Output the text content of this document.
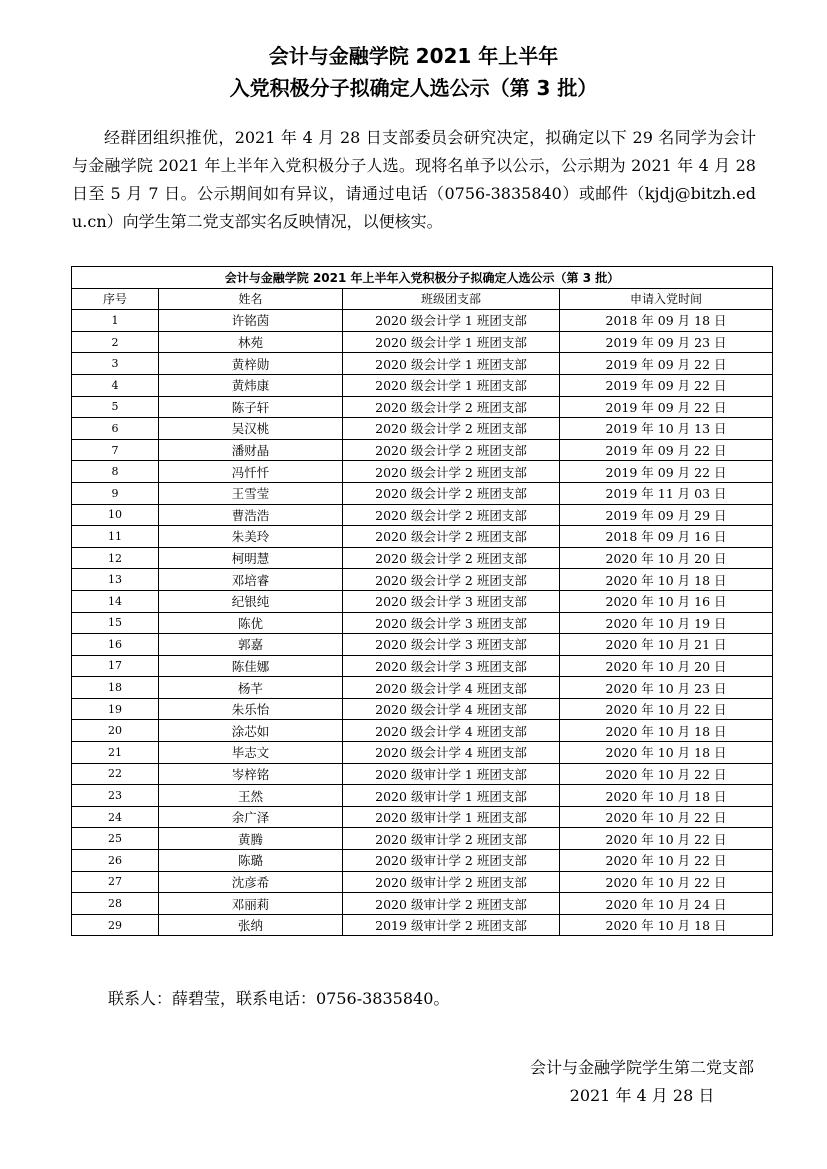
会计与金融学院 2021 年上半年
入党积极分子拟确定人选公示（第 3 批）
经群团组织推优，2021 年 4 月 28 日支部委员会研究决定，拟确定以下 29 名同学为会计与金融学院 2021 年上半年入党积极分子人选。现将名单予以公示，公示期为 2021 年 4 月 28 日至 5 月 7 日。公示期间如有异议，请通过电话（0756-3835840）或邮件（kjdj@bitzh.edu.cn）向学生第二党支部实名反映情况，以便核实。
会计与金融学院 2021 年上半年入党积极分子拟确定人选公示（第 3 批）			
序号	姓名	班级团支部	申请入党时间
1	许铭茵	2020 级会计学 1 班团支部	2018 年 09 月 18 日
2	林苑	2020 级会计学 1 班团支部	2019 年 09 月 23 日
3	黄梓勋	2020 级会计学 1 班团支部	2019 年 09 月 22 日
4	黄炜康	2020 级会计学 1 班团支部	2019 年 09 月 22 日
5	陈子轩	2020 级会计学 2 班团支部	2019 年 09 月 22 日
6	吴汉桃	2020 级会计学 2 班团支部	2019 年 10 月 13 日
7	潘财晶	2020 级会计学 2 班团支部	2019 年 09 月 22 日
8	冯忏忏	2020 级会计学 2 班团支部	2019 年 09 月 22 日
9	王雪莹	2020 级会计学 2 班团支部	2019 年 11 月 03 日
10	曹浩浩	2020 级会计学 2 班团支部	2019 年 09 月 29 日
11	朱美玲	2020 级会计学 2 班团支部	2018 年 09 月 16 日
12	柯明慧	2020 级会计学 2 班团支部	2020 年 10 月 20 日
13	邓培睿	2020 级会计学 2 班团支部	2020 年 10 月 18 日
14	纪银纯	2020 级会计学 3 班团支部	2020 年 10 月 16 日
15	陈优	2020 级会计学 3 班团支部	2020 年 10 月 19 日
16	郭嘉	2020 级会计学 3 班团支部	2020 年 10 月 21 日
17	陈佳娜	2020 级会计学 3 班团支部	2020 年 10 月 20 日
18	杨芊	2020 级会计学 4 班团支部	2020 年 10 月 23 日
19	朱乐怡	2020 级会计学 4 班团支部	2020 年 10 月 22 日
20	涂芯如	2020 级会计学 4 班团支部	2020 年 10 月 18 日
21	毕志文	2020 级会计学 4 班团支部	2020 年 10 月 18 日
22	岑梓铭	2020 级审计学 1 班团支部	2020 年 10 月 22 日
23	王然	2020 级审计学 1 班团支部	2020 年 10 月 18 日
24	余广泽	2020 级审计学 1 班团支部	2020 年 10 月 22 日
25	黄腾	2020 级审计学 2 班团支部	2020 年 10 月 22 日
26	陈璐	2020 级审计学 2 班团支部	2020 年 10 月 22 日
27	沈彦希	2020 级审计学 2 班团支部	2020 年 10 月 22 日
28	邓丽莉	2020 级审计学 2 班团支部	2020 年 10 月 24 日
29	张纳	2019 级审计学 2 班团支部	2020 年 10 月 18 日
联系人：薛碧莹，联系电话：0756-3835840。
会计与金融学院学生第二党支部
2021 年 4 月 28 日
